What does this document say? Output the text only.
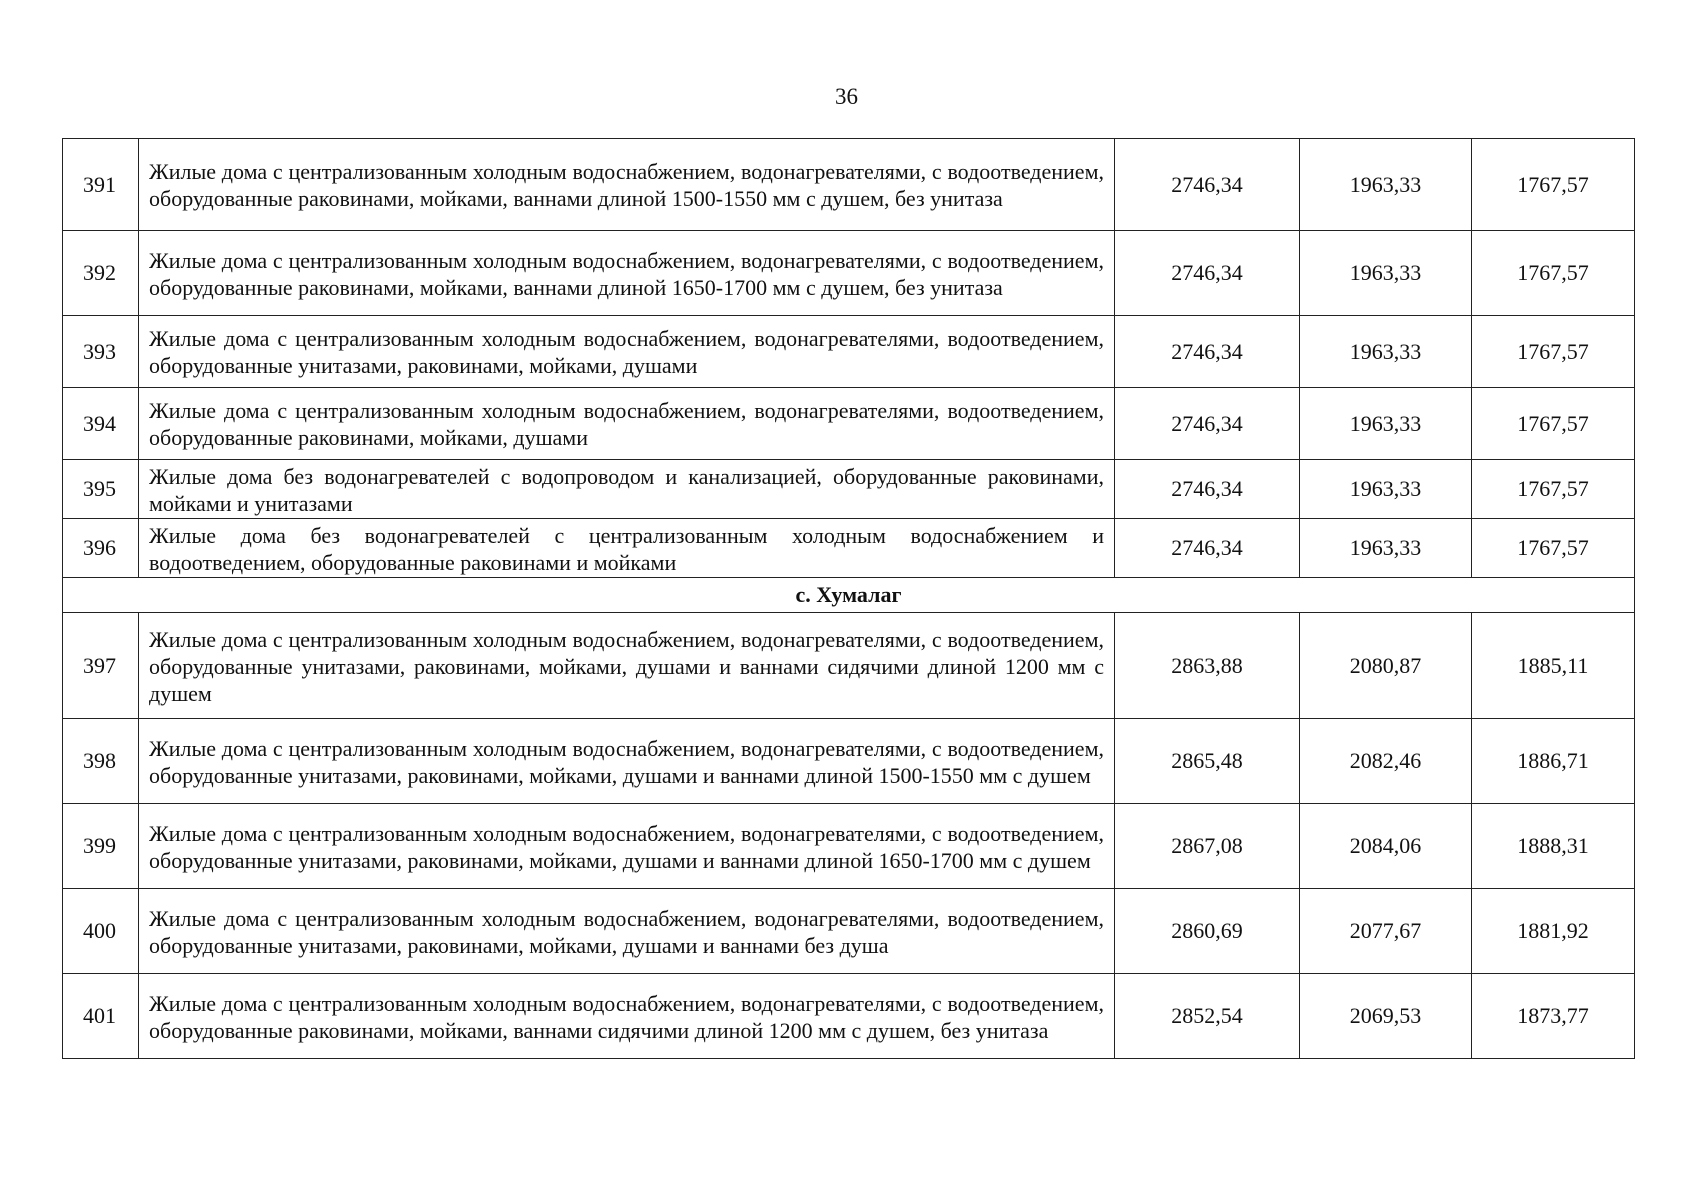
36
391	Жилые дома с централизованным холодным водоснабжением, водонагревателями, с водоотведением, оборудованные раковинами, мойками, ваннами длиной 1500-1550 мм с душем, без унитаза	2746,34	1963,33	1767,57
392	Жилые дома с централизованным холодным водоснабжением, водонагревателями, с водоотведением, оборудованные раковинами, мойками, ваннами длиной 1650-1700 мм с душем, без унитаза	2746,34	1963,33	1767,57
393	Жилые дома с централизованным холодным водоснабжением, водонагревателями, водоотведением, оборудованные унитазами, раковинами, мойками, душами	2746,34	1963,33	1767,57
394	Жилые дома с централизованным холодным водоснабжением, водонагревателями, водоотведением, оборудованные раковинами, мойками, душами	2746,34	1963,33	1767,57
395	Жилые дома без водонагревателей с водопроводом и канализацией, оборудованные раковинами, мойками и унитазами	2746,34	1963,33	1767,57
396	Жилые дома без водонагревателей с централизованным холодным водоснабжением и водоотведением, оборудованные раковинами и мойками	2746,34	1963,33	1767,57
с. Хумалаг				
397	Жилые дома с централизованным холодным водоснабжением, водонагревателями, с водоотведением, оборудованные унитазами, раковинами, мойками, душами и ваннами сидячими длиной 1200 мм с душем	2863,88	2080,87	1885,11
398	Жилые дома с централизованным холодным водоснабжением, водонагревателями, с водоотведением, оборудованные унитазами, раковинами, мойками, душами и ваннами длиной 1500-1550 мм с душем	2865,48	2082,46	1886,71
399	Жилые дома с централизованным холодным водоснабжением, водонагревателями, с водоотведением, оборудованные унитазами, раковинами, мойками, душами и ваннами длиной 1650-1700 мм с душем	2867,08	2084,06	1888,31
400	Жилые дома с централизованным холодным водоснабжением, водонагревателями, водоотведением, оборудованные унитазами, раковинами, мойками, душами и ваннами без душа	2860,69	2077,67	1881,92
401	Жилые дома с централизованным холодным водоснабжением, водонагревателями, с водоотведением, оборудованные раковинами, мойками, ваннами сидячими длиной 1200 мм с душем, без унитаза	2852,54	2069,53	1873,77
